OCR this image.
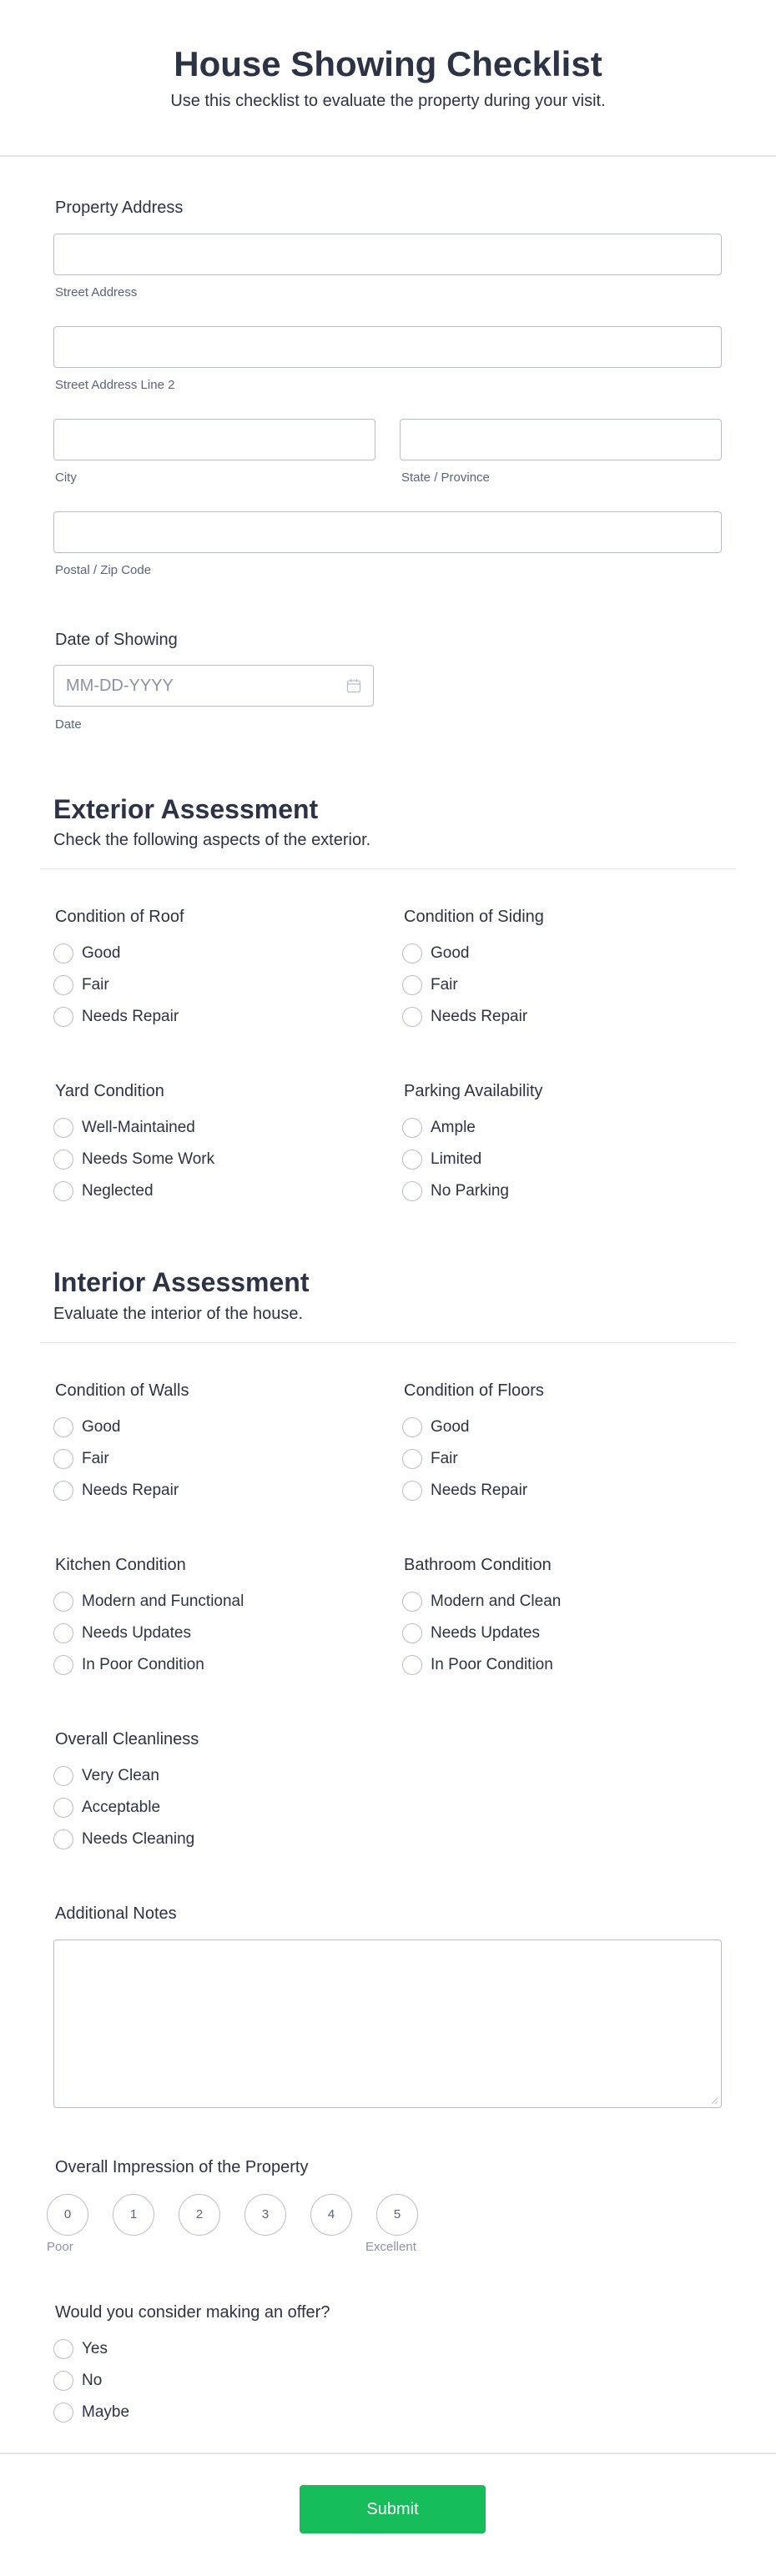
House Showing Checklist
Use this checklist to evaluate the property during your visit.
Property Address
Street Address
Street Address Line 2
City	State / Province
Postal / Zip Code
Date of Showing
MM-DD-YYYY
Date
Exterior Assessment
Check the following aspects of the exterior.
Condition of Roof
Good
Fair
Needs Repair
Condition of Siding
Good
Fair
Needs Repair
Yard Condition
Well-Maintained
Needs Some Work
Neglected
Parking Availability
Ample
Limited
No Parking
Interior Assessment
Evaluate the interior of the house.
Condition of Walls
Good
Fair
Needs Repair
Condition of Floors
Good
Fair
Needs Repair
Kitchen Condition
Modern and Functional
Needs Updates
In Poor Condition
Bathroom Condition
Modern and Clean
Needs Updates
In Poor Condition
Overall Cleanliness
Very Clean
Acceptable
Needs Cleaning
Additional Notes
Overall Impression of the Property
0	1	2	3	4	5
Poor	Excellent
Would you consider making an offer?
Yes
No
Maybe
Submit
